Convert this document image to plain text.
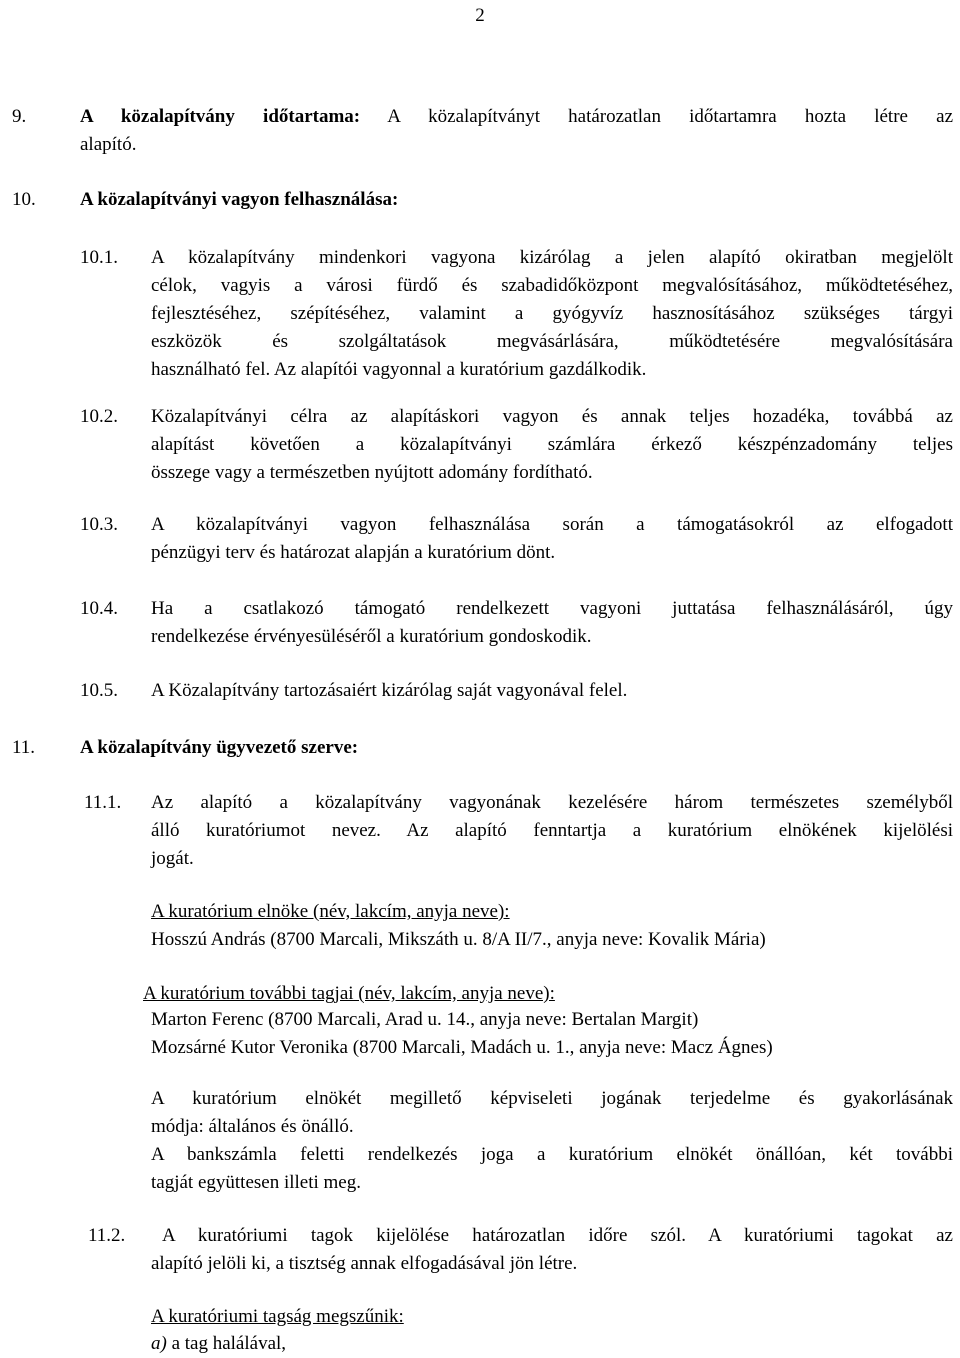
2
9.	A közalapítvány időtartama: A közalapítványt határozatlan időtartamra hozta létre az
alapító.
10. A közalapítványi vagyon felhasználása:
10.1. A közalapítvány mindenkori vagyona kizárólag a jelen alapító okiratban megjelölt
célok, vagyis a városi fürdő és szabadidőközpont megvalósításához, működtetéséhez,
fejlesztéséhez, szépítéséhez, valamint a gyógyvíz hasznosításához szükséges tárgyi
eszközök és szolgáltatások megvásárlására, működtetésére megvalósítására
használható fel. Az alapítói vagyonnal a kuratórium gazdálkodik.
10.2. Közalapítványi célra az alapításkori vagyon és annak teljes hozadéka, továbbá az
alapítást követően a közalapítványi számlára érkező készpénzadomány teljes
összege vagy a természetben nyújtott adomány fordítható.
10.3. A közalapítványi vagyon felhasználása során a támogatásokról az elfogadott
pénzügyi terv és határozat alapján a kuratórium dönt.
10.4. Ha a csatlakozó támogató rendelkezett vagyoni juttatása felhasználásáról, úgy
rendelkezése érvényesüléséről a kuratórium gondoskodik.
10.5. A Közalapítvány tartozásaiért kizárólag saját vagyonával felel.
11. A közalapítvány ügyvezető szerve:
11.1. Az alapító a közalapítvány vagyonának kezelésére három természetes személyből
álló kuratóriumot nevez. Az alapító fenntartja a kuratórium elnökének kijelölési
jogát.
A kuratórium elnöke (név, lakcím, anyja neve):
Hosszú András (8700 Marcali, Mikszáth u. 8/A II/7., anyja neve: Kovalik Mária)
A kuratórium további tagjai (név, lakcím, anyja neve):
Marton Ferenc (8700 Marcali, Arad u. 14., anyja neve: Bertalan Margit)
Mozsárné Kutor Veronika (8700 Marcali, Madách u. 1., anyja neve: Macz Ágnes)
A kuratórium elnökét megillető képviseleti jogának terjedelme és gyakorlásának
módja: általános és önálló.
A bankszámla feletti rendelkezés joga a kuratórium elnökét önállóan, két további
tagját együttesen illeti meg.
11.2. A kuratóriumi tagok kijelölése határozatlan időre szól. A kuratóriumi tagokat az
alapító jelöli ki, a tisztség annak elfogadásával jön létre.
A kuratóriumi tagság megszűnik:
a) a tag halálával,
